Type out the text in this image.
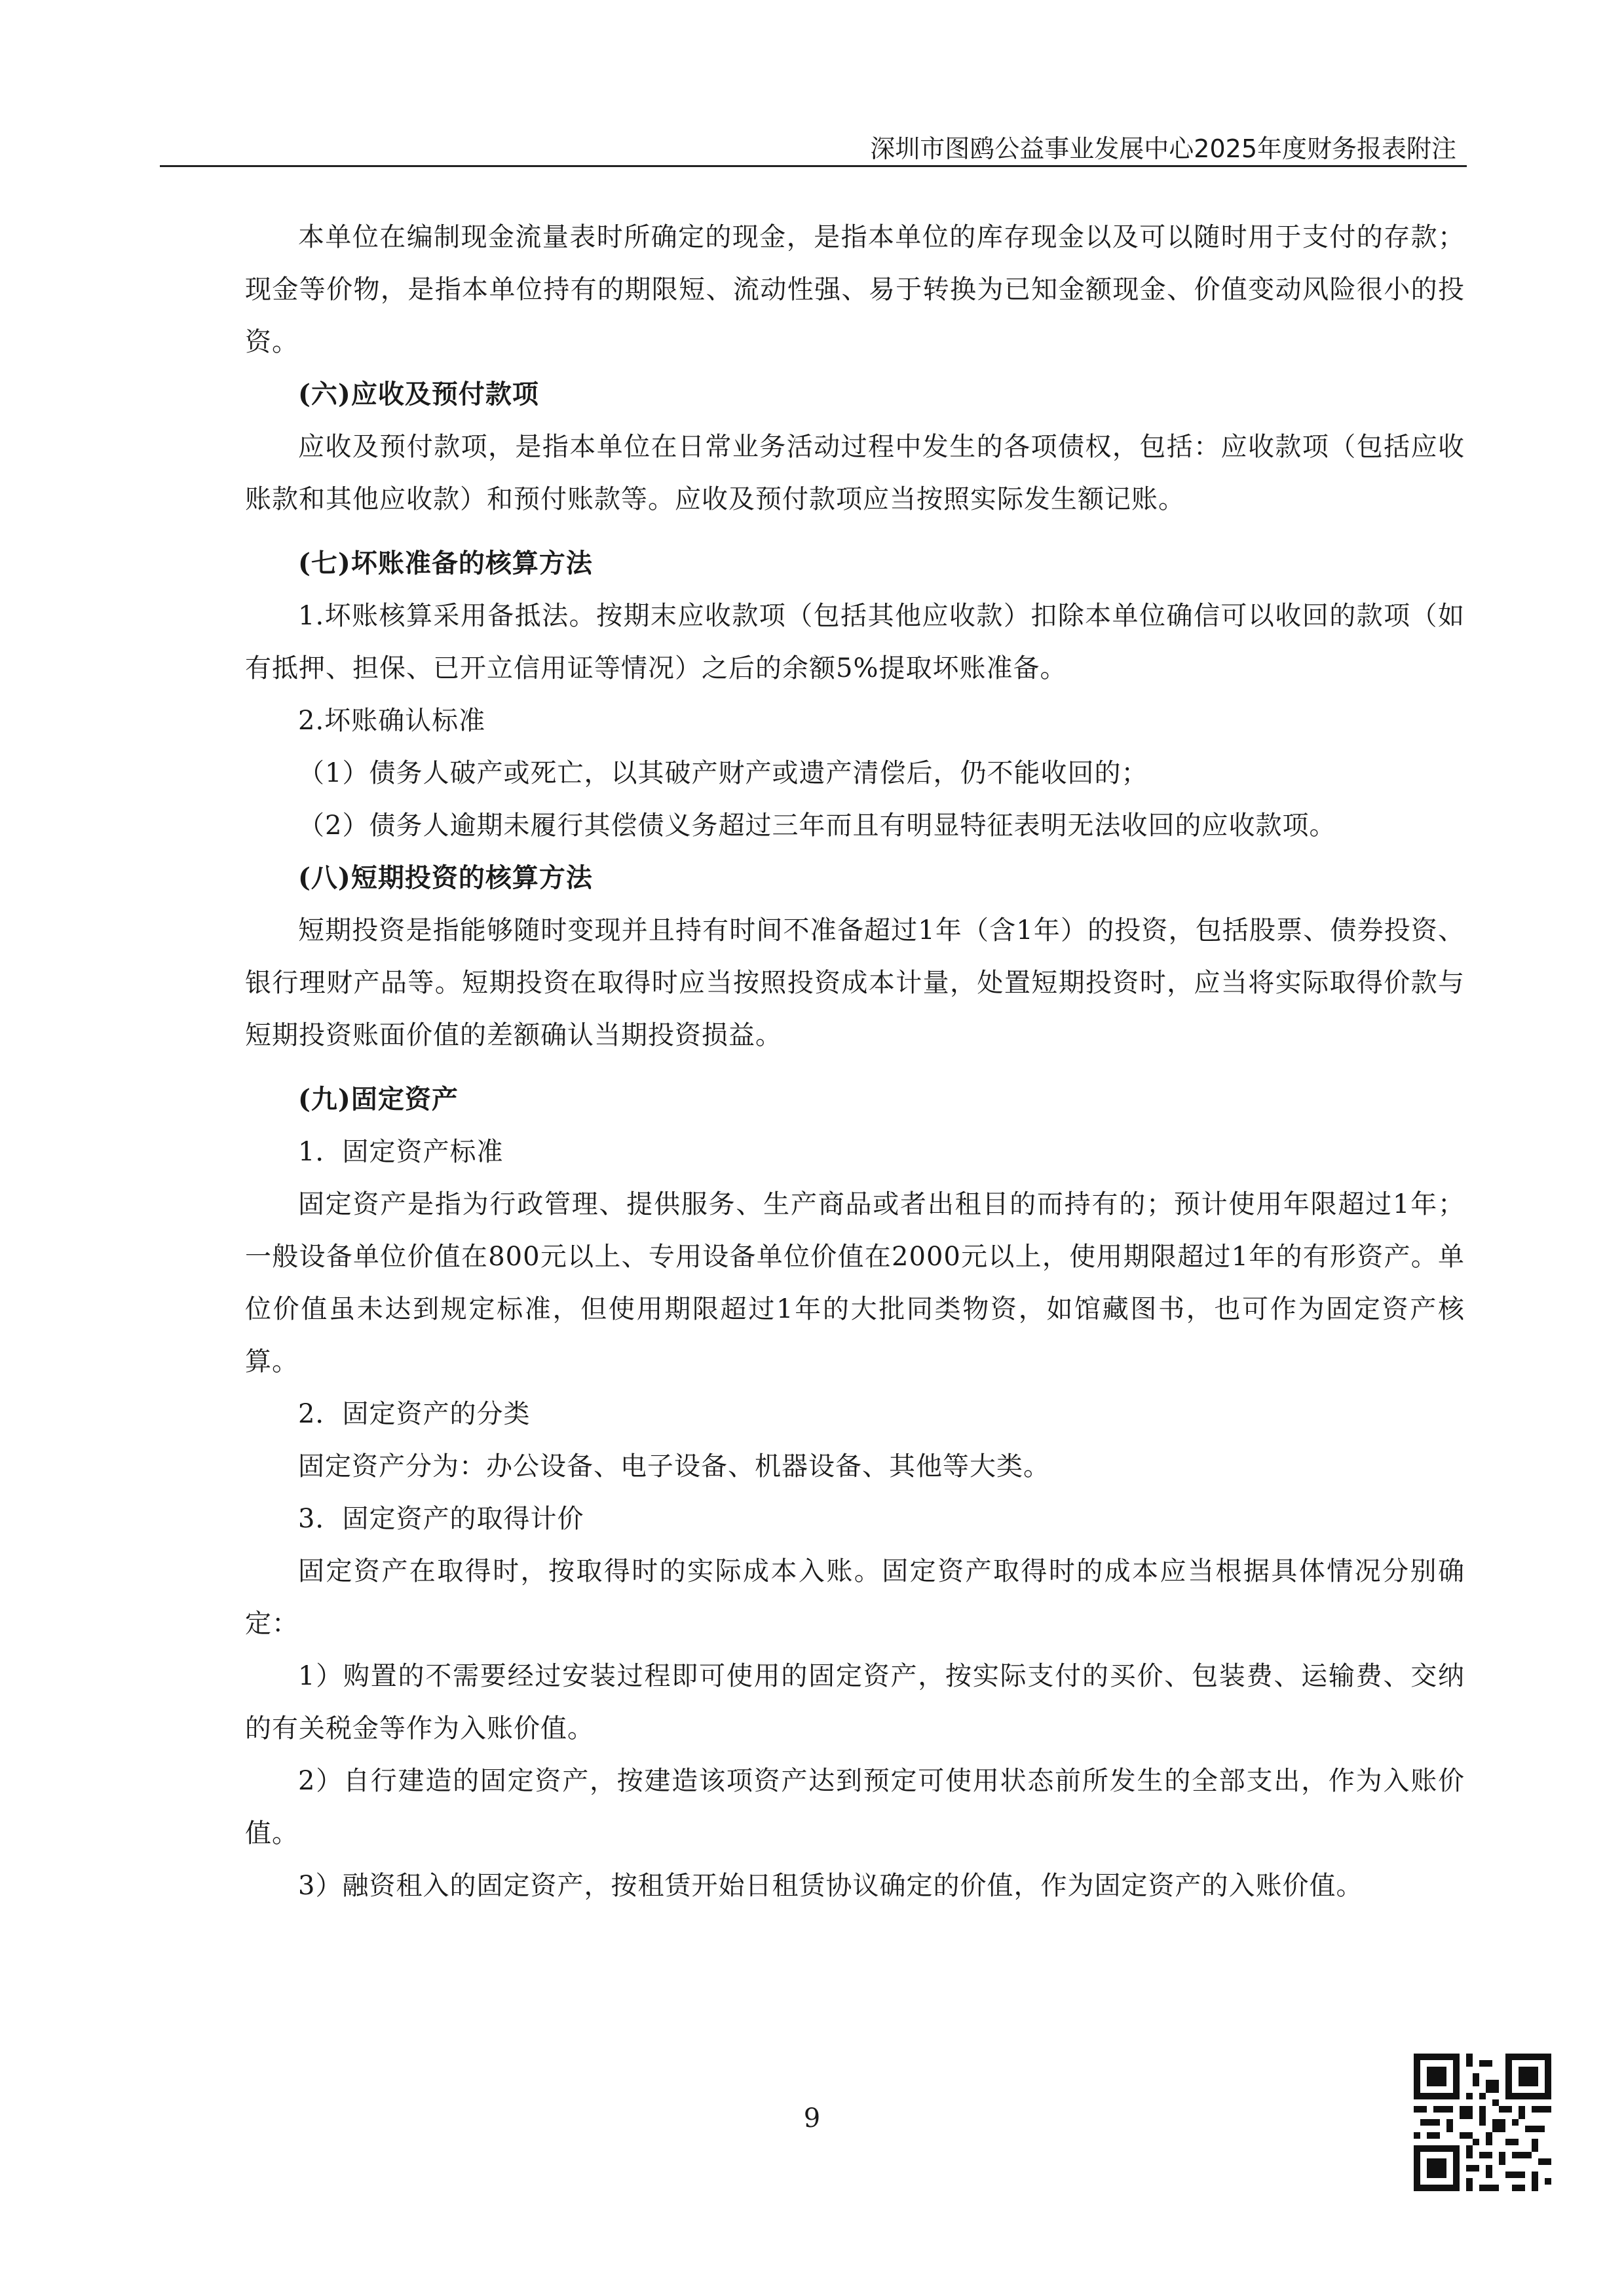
深圳市图鸥公益事业发展中心2025年度财务报表附注

本单位在编制现金流量表时所确定的现金，是指本单位的库存现金以及可以随时用于支付的存款；现金等价物，是指本单位持有的期限短、流动性强、易于转换为已知金额现金、价值变动风险很小的投资。

(六)应收及预付款项

应收及预付款项，是指本单位在日常业务活动过程中发生的各项债权，包括：应收款项（包括应收账款和其他应收款）和预付账款等。应收及预付款项应当按照实际发生额记账。

(七)坏账准备的核算方法

1.坏账核算采用备抵法。按期末应收款项（包括其他应收款）扣除本单位确信可以收回的款项（如有抵押、担保、已开立信用证等情况）之后的余额5%提取坏账准备。

2.坏账确认标准

（1）债务人破产或死亡，以其破产财产或遗产清偿后，仍不能收回的；

（2）债务人逾期未履行其偿债义务超过三年而且有明显特征表明无法收回的应收款项。

(八)短期投资的核算方法

短期投资是指能够随时变现并且持有时间不准备超过1年（含1年）的投资，包括股票、债券投资、银行理财产品等。短期投资在取得时应当按照投资成本计量，处置短期投资时，应当将实际取得价款与短期投资账面价值的差额确认当期投资损益。

(九)固定资产

1．固定资产标准

固定资产是指为行政管理、提供服务、生产商品或者出租目的而持有的；预计使用年限超过1年；一般设备单位价值在800元以上、专用设备单位价值在2000元以上，使用期限超过1年的有形资产。单位价值虽未达到规定标准，但使用期限超过1年的大批同类物资，如馆藏图书，也可作为固定资产核算。

2．固定资产的分类

固定资产分为：办公设备、电子设备、机器设备、其他等大类。

3．固定资产的取得计价

固定资产在取得时，按取得时的实际成本入账。固定资产取得时的成本应当根据具体情况分别确定：

1）购置的不需要经过安装过程即可使用的固定资产，按实际支付的买价、包装费、运输费、交纳的有关税金等作为入账价值。

2）自行建造的固定资产，按建造该项资产达到预定可使用状态前所发生的全部支出，作为入账价值。

3）融资租入的固定资产，按租赁开始日租赁协议确定的价值，作为固定资产的入账价值。

9
